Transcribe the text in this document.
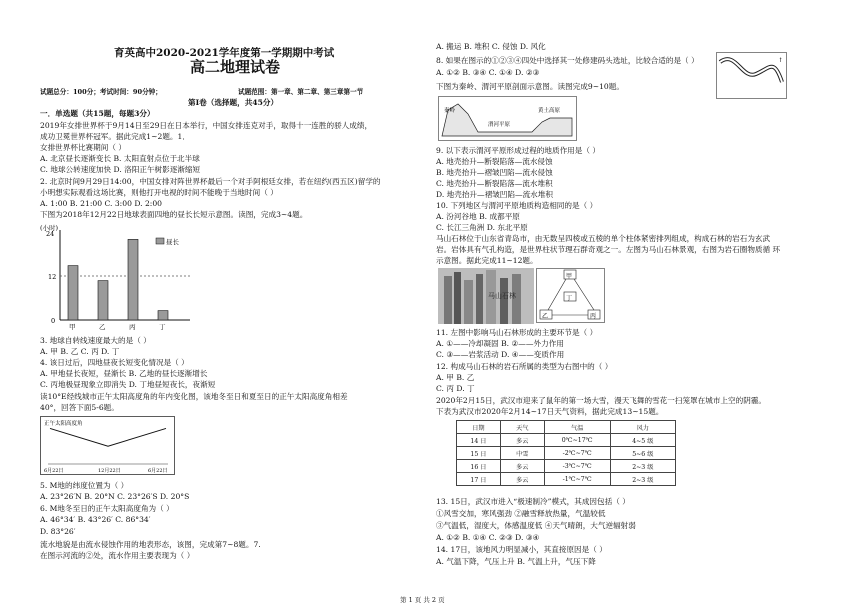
育英高中2020-2021学年度第一学期期中考试
高二地理试卷
试题总分：100分；考试时间：90分钟；	试题范围：第一章、第二章、第三章第一节
第Ⅰ卷（选择题，共45分）
一．单选题（共15题，每题3分）
2019年女排世界杯于9月14日至29日在日本举行，中国女排连克对手，取得十一连胜的骄人成绩，
成功卫冕世界杯冠军。据此完成1~2题。1．
女排世界杯比赛期间（ ）
A. 北京昼长逐渐变长 B. 太阳直射点位于北半球
C. 地球公转速度加快 D. 洛阳正午树影逐渐缩短
2. 北京时间9月29日14:00，中国女排对阵世界杯最后一个对手阿根廷女排，若在纽约(西五区)留学的
小明想实际观看这场比赛，则他打开电视的时间不能晚于当地时间（ ）
A. 1:00 B. 21:00 C. 3:00 D. 2:00
下图为2018年12月22日地球表面四地的昼长长短示意图。读图，完成3~4题。
(小时)
24
12
0
甲	乙	丙	丁
昼长
3. 地球自转线速度最大的是（ ）
A. 甲 B. 乙 C. 丙 D. 丁
4. 该日过后，四地昼夜长短变化情况是（ ）
A. 甲地昼长夜短，昼渐长 B. 乙地的昼长逐渐增长
C. 丙地极昼现象立即消失 D. 丁地昼短夜长，夜渐短
读10°E经线城市正午太阳高度角的年内变化图，该地冬至日和夏至日的正午太阳高度角相差
40°，回答下面5-6题。
正午太阳高度角
6月22日	12月22日	6月22日
5. M地的纬度位置为（ ）
A. 23°26′N B. 20°N C. 23°26′S D. 20°S
6. M地冬至日的正午太阳高度角为（ ）
A. 46°34′ B. 43°26′ C. 86°34′
D. 83°26′
流水地貌是由流水侵蚀作用的地表形态，该图，完成第7~8题。7.
在图示河流的②处，流水作用主要表现为（ ）
A. 搬运 B. 堆积 C. 侵蚀 D. 风化
8. 如果在图示的①②③④四处中选择其一处修建码头选址，比较合适的是（ ）
A. ①② B. ③④ C. ①④ D. ②③
下图为秦岭、渭河平原剖面示意图。读图完成9~10题。
↑
秦岭
渭河平原
黄土高原
9. 以下表示渭河平原形成过程的地质作用是（ ）
A. 地壳抬升—断裂陷落—流水侵蚀
B. 地壳抬升—褶皱凹陷—流水侵蚀
C. 地壳抬升—断裂陷落—流水堆积
D. 地壳抬升—褶皱凹陷—流水堆积
10. 下列地区与渭河平原地质构造相同的是（ ）
A. 汾河谷地 B. 成都平原
C. 长江三角洲 D. 东北平原
马山石林位于山东省青岛市，由无数呈四棱或五棱的单个柱体紧密排列组成，构成石林的岩石为玄武
岩。岩体具有气孔构造，是世界柱状节理石群奇观之一。左图为马山石林景观，右图为岩石圈物质循 环
示意图。据此完成11~12题。
马山石林
甲
乙	丙
丁
11. 左图中影响马山石林形成的主要环节是（ ）
A. ①——冷却凝固 B. ②——外力作用
C. ③——岩浆活动 D. ④——变质作用
12. 构成马山石林的岩石所属的类型为右图中的（ ）
A. 甲 B. 乙
C. 丙 D. 丁
2020年2月15日，武汉市迎来了鼠年的第一场大雪，漫天飞舞的雪花一扫笼罩在城市上空的阴霾。
下表为武汉市2020年2月14~17日天气资料，据此完成13~15题。
日期	天气	气温	风力
14 日	多云	0℃~17℃	4~5 级
15 日	中雪	-2℃~7℃	5~6 级
16 日	多云	-3℃~7℃	2~3 级
17 日	多云	-1℃~7℃	2~3 级
13. 15日，武汉市进入“极速制冷”模式，其成因包括（ ）
①风雪交加，寒风强劲 ②融雪释放热量，气温较低
③气温低，湿度大，体感温度低 ④天气晴朗，大气逆辐射弱
A. ①② B. ①④ C. ②③ D. ③④
14. 17日，该地风力明显减小，其直接原因是（ ）
A. 气温下降，气压上升 B. 气温上升，气压下降
第 1 页 共 2 页
